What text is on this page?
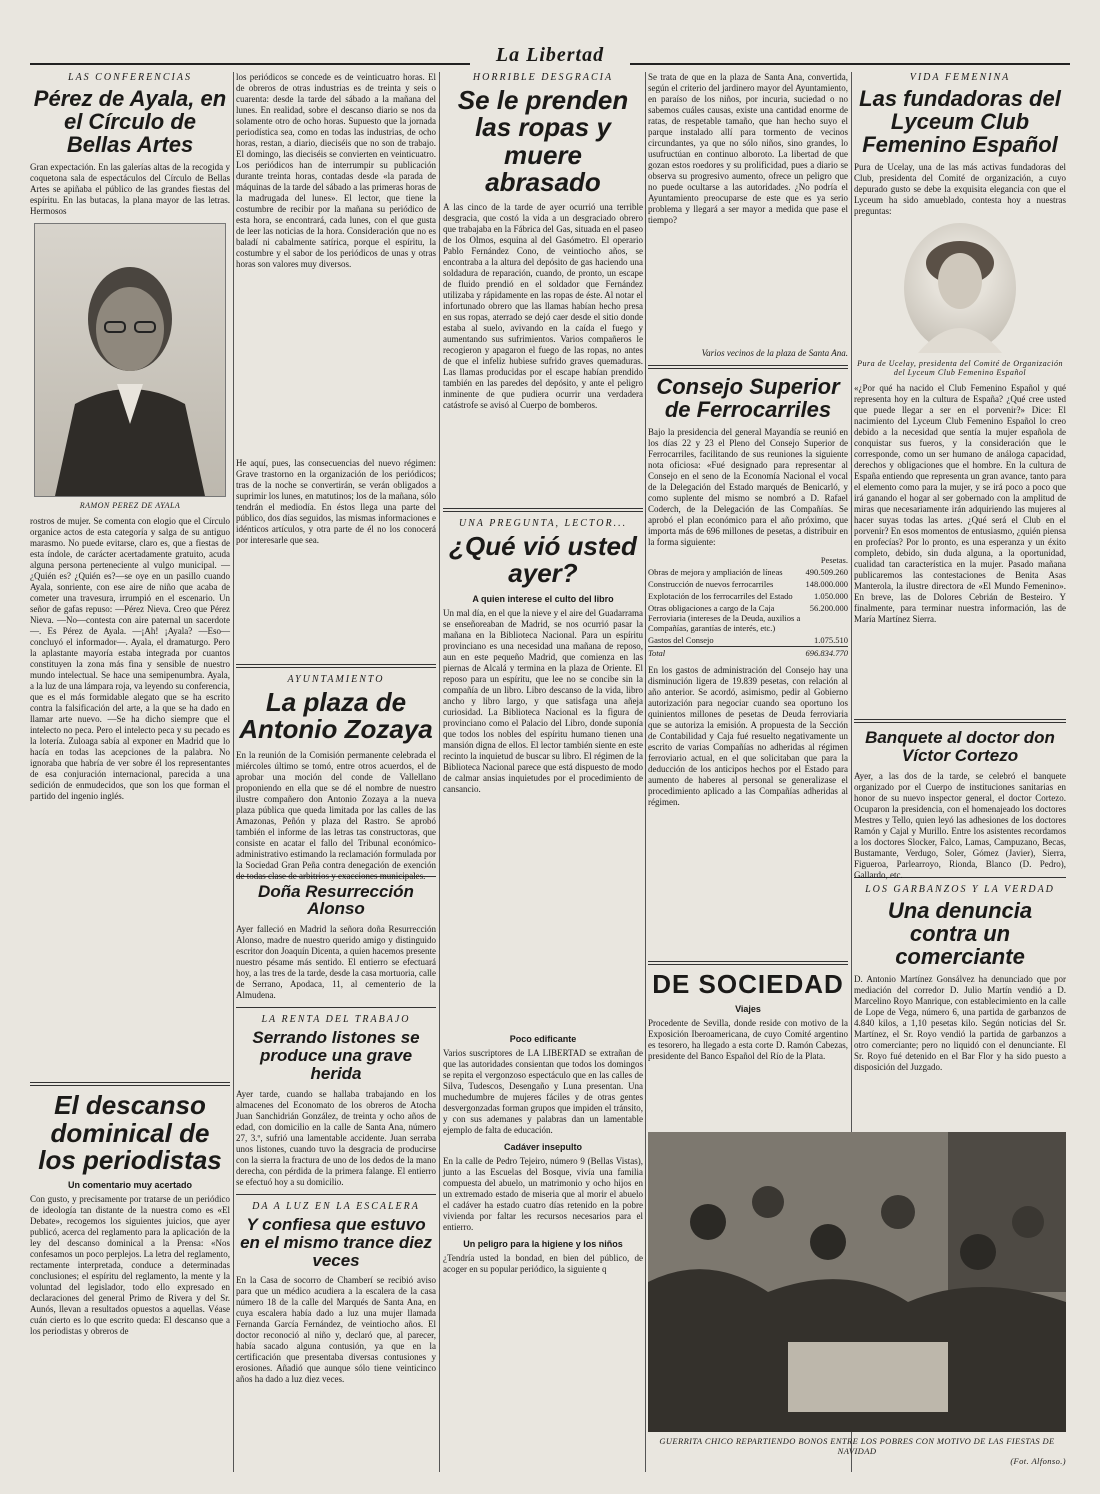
La Libertad
LAS CONFERENCIAS
Pérez de Ayala, en el Círculo de Bellas Artes

Gran expectación. En las galerías altas de la recogida y coquetona sala de espectáculos del Círculo de Bellas Artes se apiñaba el público de las grandes fiestas del espíritu. En las butacas, la plana mayor de las letras. Hermosos

RAMON PEREZ DE AYALA

rostros de mujer. Se comenta con elogio que el Círculo organice actos de esta categoría y salga de su antiguo marasmo. No puede evitarse, claro es, que a fiestas de esta índole, de carácter acertadamente gratuito, acuda alguna persona perteneciente al vulgo municipal. —¿Quién es? ¿Quién es?—se oye en un pasillo cuando Ayala, sonriente, con ese aire de niño que acaba de cometer una travesura, irrumpió en el escenario. Un señor de gafas repuso: —Pérez Nieva. Creo que Pérez Nieva. —No—contesta con aire paternal un sacerdote—. Es Pérez de Ayala. —¡Ah! ¡Ayala? —Eso—concluyó el informador—. Ayala, el dramaturgo. Pero la aplastante mayoría estaba integrada por cuantos constituyen la zona más fina y sensible de nuestro mundo intelectual. Se hace una semipenumbra. Ayala, a la luz de una lámpara roja, va leyendo su conferencia, que es el más formidable alegato que se ha escrito contra la falsificación del arte, a la que se ha dado en llamar arte nuevo. —Se ha dicho siempre que el intelecto no peca. Pero el intelecto peca y su pecado es la lotería. Zuloaga sabía al exponer en Madrid que lo hacía en todas las acepciones de la palabra. No ignoraba que habría de ver sobre él los representantes de esa conjuración internacional, parecida a una sedición de enmudecidos, que son los que forman el partido del ingenio inglés.

El descanso dominical de los periodistas
Un comentario muy acertado

Con gusto, y precisamente por tratarse de un periódico de ideología tan distante de la nuestra como es «El Debate», recogemos los siguientes juicios, que ayer publicó, acerca del reglamento para la aplicación de la ley del descanso dominical a la Prensa: «Nos confesamos un poco perplejos. La letra del reglamento, rectamente interpretada, conduce a determinadas conclusiones; el espíritu del reglamento, la mente y la voluntad del legislador, todo ello expresado en declaraciones del general Primo de Rivera y del Sr. Aunós, llevan a resultados opuestos a aquellas. Véase cuán cierto es lo que escrito queda: El descanso que a los periodistas y obreros de

los periódicos se concede es de veinticuatro horas. El de obreros de otras industrias es de treinta y seis o cuarenta: desde la tarde del sábado a la mañana del lunes. En realidad, sobre el descanso diario se nos da solamente otro de ocho horas. Supuesto que la jornada periodística sea, como en todas las industrias, de ocho horas, restan, a diario, dieciséis que no son de trabajo. El domingo, las dieciséis se convierten en veinticuatro. Los periódicos han de interrumpir su publicación durante treinta horas, contadas desde «la parada de máquinas de la tarde del sábado a las primeras horas de la madrugada del lunes». El lector, que tiene la costumbre de recibir por la mañana su periódico de esta hora, se encontrará, cada lunes, con el que gusta de leer las noticias de la hora. Consideración que no es baladí ni cabalmente satírica, porque el espíritu, la costumbre y el sabor de los periódicos de unas y otras horas son valores muy diversos.

He aquí, pues, las consecuencias del nuevo régimen: Grave trastorno en la organización de los periódicos; tras de la noche se convertirán, se verán obligados a suprimir los lunes, en matutinos; los de la mañana, sólo tendrán el mediodía. En éstos llega una parte del público, dos días seguidos, las mismas informaciones e idénticos artículos, y otra parte de él no los conocerá por interesarle que sea.

AYUNTAMIENTO
La plaza de Antonio Zozaya

En la reunión de la Comisión permanente celebrada el miércoles último se tomó, entre otros acuerdos, el de aprobar una moción del conde de Vallellano proponiendo en ella que se dé el nombre de nuestro ilustre compañero don Antonio Zozaya a la nueva plaza pública que queda limitada por las calles de las Amazonas, Peñón y plaza del Rastro. Se aprobó también el informe de las letras tas constructoras, que consiste en acatar el fallo del Tribunal económico-administrativo estimando la reclamación formulada por la Sociedad Gran Peña contra denegación de exención de todas clase de arbitrios y exacciones municipales.

Doña Resurrección Alonso

Ayer falleció en Madrid la señora doña Resurrección Alonso, madre de nuestro querido amigo y distinguido escritor don Joaquín Dicenta, a quien hacemos presente nuestro pésame más sentido. El entierro se efectuará hoy, a las tres de la tarde, desde la casa mortuoria, calle de Serrano, Apodaca, 11, al cementerio de la Almudena.

LA RENTA DEL TRABAJO
Serrando listones se produce una grave herida

Ayer tarde, cuando se hallaba trabajando en los almacenes del Economato de los obreros de Atocha Juan Sanchidrián González, de treinta y ocho años de edad, con domicilio en la calle de Santa Ana, número 27, 3.º, sufrió una lamentable accidente. Juan serraba unos listones, cuando tuvo la desgracia de producirse con la sierra la fractura de uno de los dedos de la mano derecha, con pérdida de la primera falange. El entierro se efectuó hoy a su domicilio.

DA A LUZ EN LA ESCALERA
Y confiesa que estuvo en el mismo trance diez veces

En la Casa de socorro de Chamberí se recibió aviso para que un médico acudiera a la escalera de la casa número 18 de la calle del Marqués de Santa Ana, en cuya escalera había dado a luz una mujer llamada Fernanda García Fernández, de veintiocho años. El doctor reconoció al niño y, declaró que, al parecer, había sacado alguna contusión, ya que en la certificación que presentaba diversas contusiones y erosiones. Añadió que aunque sólo tiene veinticinco años ha dado a luz diez veces.

HORRIBLE DESGRACIA
Se le prenden las ropas y muere abrasado

A las cinco de la tarde de ayer ocurrió una terrible desgracia, que costó la vida a un desgraciado obrero que trabajaba en la Fábrica del Gas, situada en el paseo de los Olmos, esquina al del Gasómetro. El operario Pablo Fernández Cono, de veintiocho años, se encontraba a la altura del depósito de gas haciendo una soldadura de reparación, cuando, de pronto, un escape de fluido prendió en el soldador que Fernández utilizaba y rápidamente en las ropas de éste. Al notar el infortunado obrero que las llamas habían hecho presa en sus ropas, aterrado se dejó caer desde el sitio donde estaba al suelo, avivando en la caída el fuego y aumentando sus sufrimientos. Varios compañeros le recogieron y apagaron el fuego de las ropas, no antes de que el infeliz hubiese sufrido graves quemaduras. Las llamas producidas por el escape habían prendido también en las paredes del depósito, y ante el peligro inminente de que pudiera ocurrir una verdadera catástrofe se avisó al Cuerpo de bomberos.

UNA PREGUNTA, LECTOR...
¿Qué vió usted ayer?
A quien interese el culto del libro

Un mal día, en el que la nieve y el aire del Guadarrama se enseñoreaban de Madrid, se nos ocurrió pasar la mañana en la Biblioteca Nacional. Para un espíritu provinciano es una necesidad una mañana de reposo, aun en este pequeño Madrid, que comienza en las piernas de Alcalá y termina en la plaza de Oriente. El reposo para un espíritu, que lee no se concibe sin la compañía de un libro. Libro descanso de la vida, libro ancho y libro largo, y que satisfaga una añeja curiosidad. La Biblioteca Nacional es la figura de provinciano como el Palacio del Libro, donde suponía que todos los nobles del espíritu humano tienen una mansión digna de ellos. El lector también siente en este recinto la inquietud de buscar su libro. El régimen de la Biblioteca Nacional parece que está dispuesto de modo de calmar ansias inquietudes por el procedimiento de cansancio.

Poco edificante

Varios suscriptores de LA LIBERTAD se extrañan de que las autoridades consientan que todos los domingos se repita el vergonzoso espectáculo que en las calles de Silva, Tudescos, Desengaño y Luna presentan. Una muchedumbre de mujeres fáciles y de otras gentes desvergonzadas forman grupos que impiden el tránsito, y con sus ademanes y palabras dan un lamentable ejemplo de falta de educación.

Cadáver insepulto

En la calle de Pedro Tejeiro, número 9 (Bellas Vistas), junto a las Escuelas del Bosque, vivía una familia compuesta del abuelo, un matrimonio y ocho hijos en un extremado estado de miseria que al morir el abuelo el cadáver ha estado cuatro días retenido en la pobre vivienda por faltar les recursos necesarios para el entierro.

Un peligro para la higiene y los niños

¿Tendría usted la bondad, en bien del público, de acoger en su popular periódico, la siguiente q

Se trata de que en la plaza de Santa Ana, convertida, según el criterio del jardinero mayor del Ayuntamiento, en paraíso de los niños, por incuria, suciedad o no sabemos cuáles causas, existe una cantidad enorme de ratas, de respetable tamaño, que han hecho suyo el parque instalado allí para tormento de vecinos circundantes, ya que no sólo niños, sino grandes, lo usufructúan en continuo alboroto. La libertad de que gozan estos roedores y su prolificidad, pues a diario se observa su progresivo aumento, ofrece un peligro que no puede ocultarse a las autoridades. ¿No podría el Ayuntamiento preocuparse de este que es ya serio problema y llegará a ser mayor a medida que pase el tiempo?

Varios vecinos de la plaza de Santa Ana.

Consejo Superior de Ferrocarriles

Bajo la presidencia del general Mayandía se reunió en los días 22 y 23 el Pleno del Consejo Superior de Ferrocarriles, facilitando de sus reuniones la siguiente nota oficiosa: «Fué designado para representar al Consejo en el seno de la Economía Nacional el vocal de la Delegación del Estado marqués de Benicarló, y como suplente del mismo se nombró a D. Rafael Coderch, de la Delegación de las Compañías. Se aprobó el plan económico para el año próximo, que importa más de 696 millones de pesetas, a distribuir en la forma siguiente:

	Pesetas.
Obras de mejora y ampliación de líneas	490.509.260
Construcción de nuevos ferrocarriles	148.000.000
Explotación de los ferrocarriles del Estado	1.050.000
Otras obligaciones a cargo de la Caja Ferroviaria (intereses de la Deuda, auxilios a Compañías, garantías de interés, etc.)	56.200.000
Gastos del Consejo	1.075.510
Total	696.834.770

En los gastos de administración del Consejo hay una disminución ligera de 19.839 pesetas, con relación al año anterior. Se acordó, asimismo, pedir al Gobierno autorización para negociar cuando sea oportuno los quinientos millones de pesetas de Deuda ferroviaria que se autoriza la emisión. A propuesta de la Sección de Contabilidad y Caja fué resuelto negativamente un escrito de varias Compañías no adheridas al régimen ferroviario actual, en el que solicitaban que para la deducción de los anticipos hechos por el Estado para aumento de haberes al personal se generalizase el procedimiento aplicado a las Compañías adheridas al régimen.

DE SOCIEDAD
Viajes

Procedente de Sevilla, donde reside con motivo de la Exposición Iberoamericana, de cuyo Comité argentino es tesorero, ha llegado a esta corte D. Ramón Cabezas, presidente del Banco Español del Río de la Plata.

VIDA FEMENINA
Las fundadoras del Lyceum Club Femenino Español

Pura de Ucelay, una de las más activas fundadoras del Club, presidenta del Comité de organización, a cuyo depurado gusto se debe la exquisita elegancia con que el Lyceum ha sido amueblado, contesta hoy a nuestras preguntas:

Pura de Ucelay, presidenta del Comité de Organización del Lyceum Club Femenino Español

«¿Por qué ha nacido el Club Femenino Español y qué representa hoy en la cultura de España? ¿Qué cree usted que puede llegar a ser en el porvenir?» Dice: El nacimiento del Lyceum Club Femenino Español lo creo debido a la necesidad que sentía la mujer española de conquistar sus fueros, y la consideración que le corresponde, como un ser humano de análoga capacidad, derechos y obligaciones que el hombre. En la cultura de España entiendo que representa un gran avance, tanto para el elemento como para la mujer, y se irá poco a poco que irá ganando el hogar al ser gobernado con la amplitud de miras que necesariamente irán adquiriendo las mujeres al hacer suyas todas las artes. ¿Qué será el Club en el porvenir? En esos momentos de entusiasmo, ¿quién piensa en profecías? Por lo pronto, es una esperanza y un éxito completo, debido, sin duda alguna, a la oportunidad, cualidad tan característica en la mujer. Pasado mañana publicaremos las contestaciones de Benita Asas Manterola, la ilustre directora de «El Mundo Femenino». En breve, las de Dolores Cebrián de Besteiro. Y finalmente, para terminar nuestra información, las de María Martínez Sierra.

Banquete al doctor don Víctor Cortezo

Ayer, a las dos de la tarde, se celebró el banquete organizado por el Cuerpo de instituciones sanitarias en honor de su nuevo inspector general, el doctor Cortezo. Ocuparon la presidencia, con el homenajeado los doctores Mestres y Tello, quien leyó las adhesiones de los doctores Ramón y Cajal y Murillo. Entre los asistentes recordamos a los doctores Slocker, Falco, Lamas, Campuzano, Becas, Bustamante, Verdugo, Soler, Gómez (Javier), Sierra, Figueroa, Parlearroyo, Rionda, Blanco (D. Pedro), Gallardo, etc.

LOS GARBANZOS Y LA VERDAD
Una denuncia contra un comerciante

D. Antonio Martínez Gonsálvez ha denunciado que por mediación del corredor D. Julio Martín vendió a D. Marcelino Royo Manrique, con establecimiento en la calle de Lope de Vega, número 6, una partida de garbanzos de 4.840 kilos, a 1,10 pesetas kilo. Según noticias del Sr. Martínez, el Sr. Royo vendió la partida de garbanzos a otro comerciante; pero no liquidó con el denunciante. El Sr. Royo fué detenido en el Bar Flor y ha sido puesto a disposición del Juzgado.

GUERRITA CHICO REPARTIENDO BONOS ENTRE LOS POBRES CON MOTIVO DE LAS FIESTAS DE NAVIDAD
(Fot. Alfonso.)
